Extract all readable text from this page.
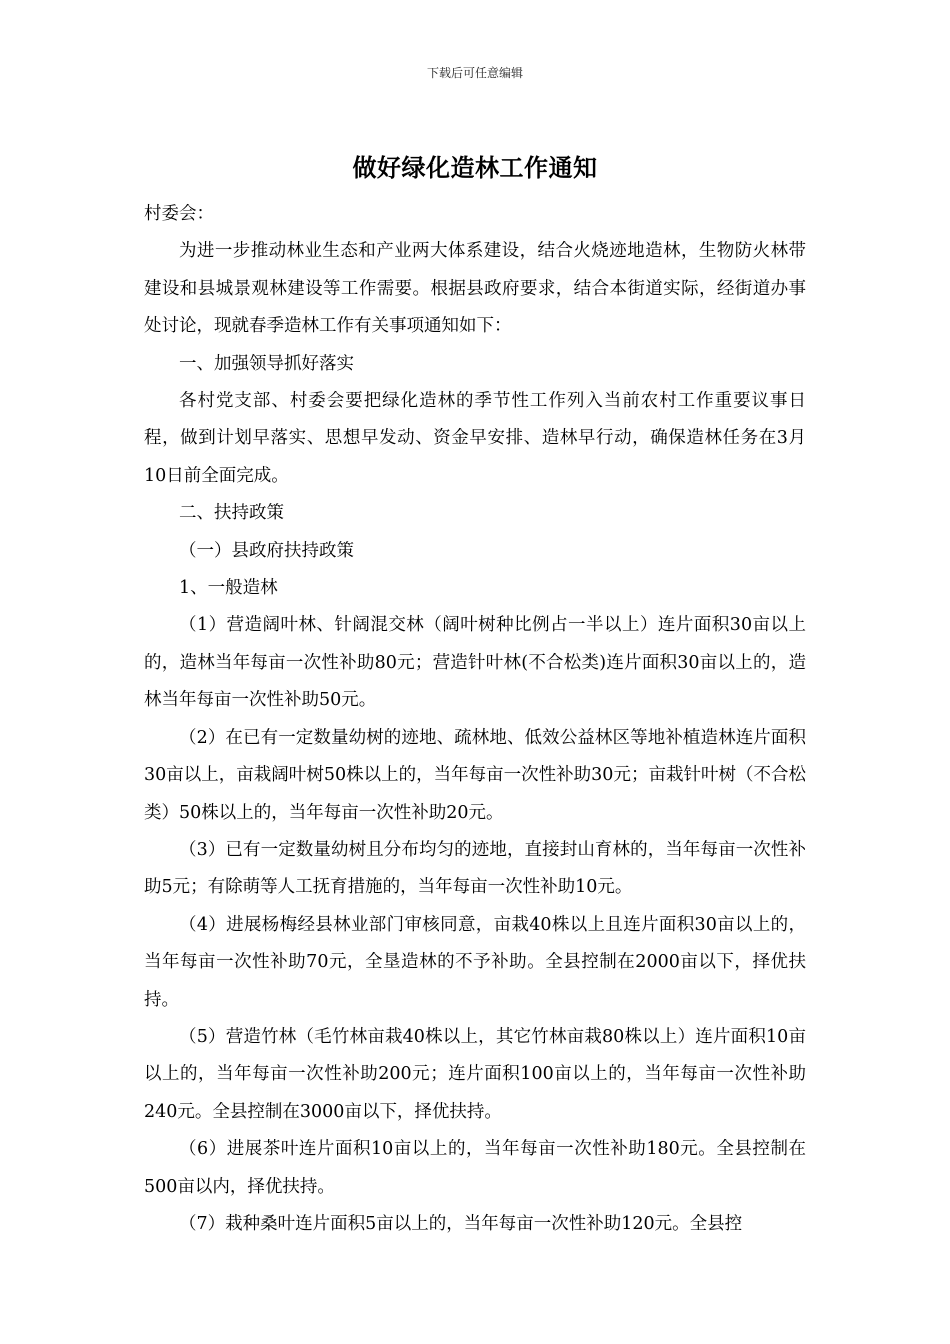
下载后可任意编辑
做好绿化造林工作通知

村委会：

为进一步推动林业生态和产业两大体系建设，结合火烧迹地造林，生物防火林带建设和县城景观林建设等工作需要。根据县政府要求，结合本街道实际，经街道办事处讨论，现就春季造林工作有关事项通知如下：

一、加强领导抓好落实

各村党支部、村委会要把绿化造林的季节性工作列入当前农村工作重要议事日程，做到计划早落实、思想早发动、资金早安排、造林早行动，确保造林任务在3月10日前全面完成。

二、扶持政策

（一）县政府扶持政策

1、一般造林

（1）营造阔叶林、针阔混交林（阔叶树种比例占一半以上）连片面积30亩以上的，造林当年每亩一次性补助80元；营造针叶林(不合松类)连片面积30亩以上的，造林当年每亩一次性补助50元。

（2）在已有一定数量幼树的迹地、疏林地、低效公益林区等地补植造林连片面积30亩以上，亩栽阔叶树50株以上的，当年每亩一次性补助30元；亩栽针叶树（不合松类）50株以上的，当年每亩一次性补助20元。

（3）已有一定数量幼树且分布均匀的迹地，直接封山育林的，当年每亩一次性补助5元；有除萌等人工抚育措施的，当年每亩一次性补助10元。

（4）进展杨梅经县林业部门审核同意，亩栽40株以上且连片面积30亩以上的，当年每亩一次性补助70元，全垦造林的不予补助。全县控制在2000亩以下，择优扶持。

（5）营造竹林（毛竹林亩栽40株以上，其它竹林亩栽80株以上）连片面积10亩以上的，当年每亩一次性补助200元；连片面积100亩以上的，当年每亩一次性补助240元。全县控制在3000亩以下，择优扶持。

（6）进展茶叶连片面积10亩以上的，当年每亩一次性补助180元。全县控制在500亩以内，择优扶持。

（7）栽种桑叶连片面积5亩以上的，当年每亩一次性补助120元。全县控
